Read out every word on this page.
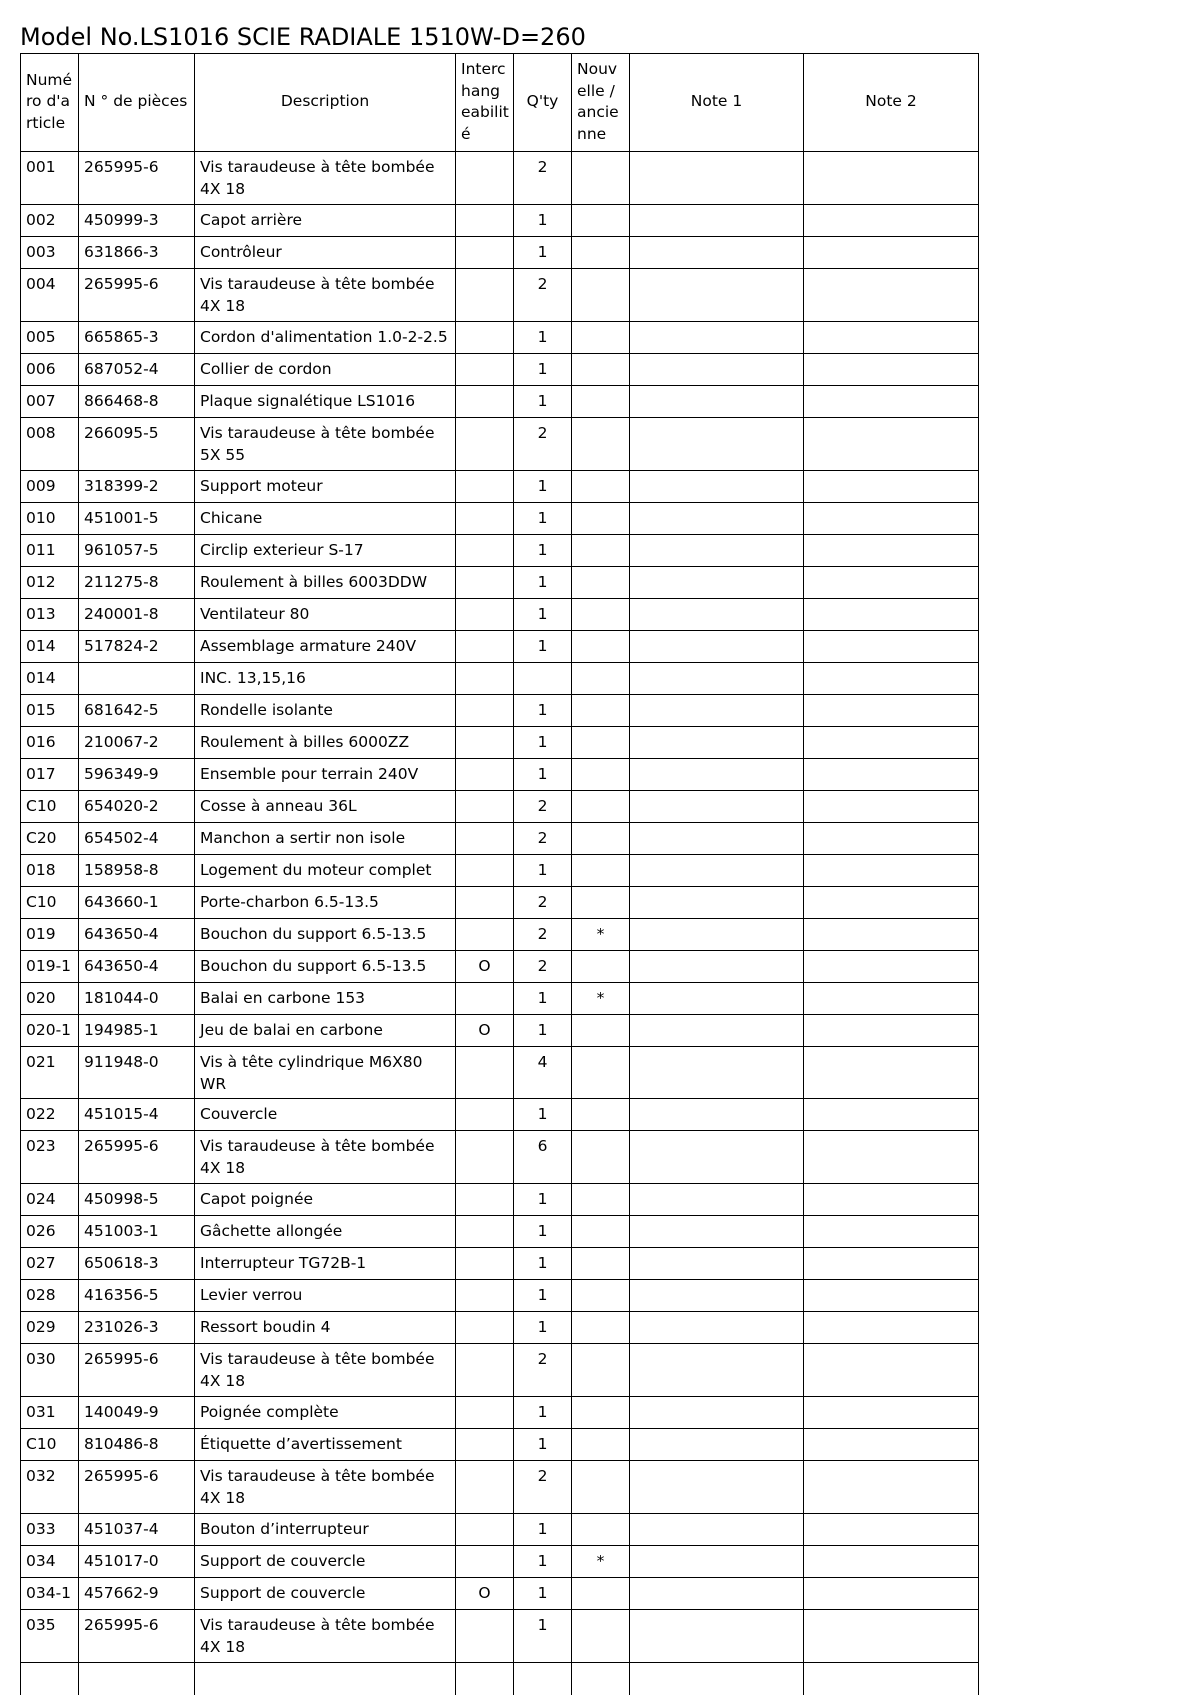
Model No.LS1016 SCIE RADIALE 1510W-D=260
Numé ro d'a rticle	N ° de pièces	Description	Interc hang eabilit é	Q'ty	Nouv elle / ancie nne	Note 1	Note 2
001	265995-6	Vis taraudeuse à tête bombée 4X 18		2			
002	450999-3	Capot arrière		1			
003	631866-3	Contrôleur		1			
004	265995-6	Vis taraudeuse à tête bombée 4X 18		2			
005	665865-3	Cordon d'alimentation 1.0-2-2.5		1			
006	687052-4	Collier de cordon		1			
007	866468-8	Plaque signalétique LS1016		1			
008	266095-5	Vis taraudeuse à tête bombée 5X 55		2			
009	318399-2	Support moteur		1			
010	451001-5	Chicane		1			
011	961057-5	Circlip exterieur S-17		1			
012	211275-8	Roulement à billes 6003DDW		1			
013	240001-8	Ventilateur 80		1			
014	517824-2	Assemblage armature 240V		1			
014		INC. 13,15,16					
015	681642-5	Rondelle isolante		1			
016	210067-2	Roulement à billes 6000ZZ		1			
017	596349-9	Ensemble pour terrain 240V		1			
C10	654020-2	Cosse à anneau 36L		2			
C20	654502-4	Manchon a sertir non isole		2			
018	158958-8	Logement du moteur complet		1			
C10	643660-1	Porte-charbon 6.5-13.5		2			
019	643650-4	Bouchon du support 6.5-13.5		2	*		
019-1	643650-4	Bouchon du support 6.5-13.5	O	2			
020	181044-0	Balai en carbone 153		1	*		
020-1	194985-1	Jeu de balai en carbone	O	1			
021	911948-0	Vis à tête cylindrique M6X80 WR		4			
022	451015-4	Couvercle		1			
023	265995-6	Vis taraudeuse à tête bombée 4X 18		6			
024	450998-5	Capot poignée		1			
026	451003-1	Gâchette allongée		1			
027	650618-3	Interrupteur TG72B-1		1			
028	416356-5	Levier verrou		1			
029	231026-3	Ressort boudin 4		1			
030	265995-6	Vis taraudeuse à tête bombée 4X 18		2			
031	140049-9	Poignée complète		1			
C10	810486-8	Étiquette d’avertissement		1			
032	265995-6	Vis taraudeuse à tête bombée 4X 18		2			
033	451037-4	Bouton d’interrupteur		1			
034	451017-0	Support de couvercle		1	*		
034-1	457662-9	Support de couvercle	O	1			
035	265995-6	Vis taraudeuse à tête bombée 4X 18		1			
